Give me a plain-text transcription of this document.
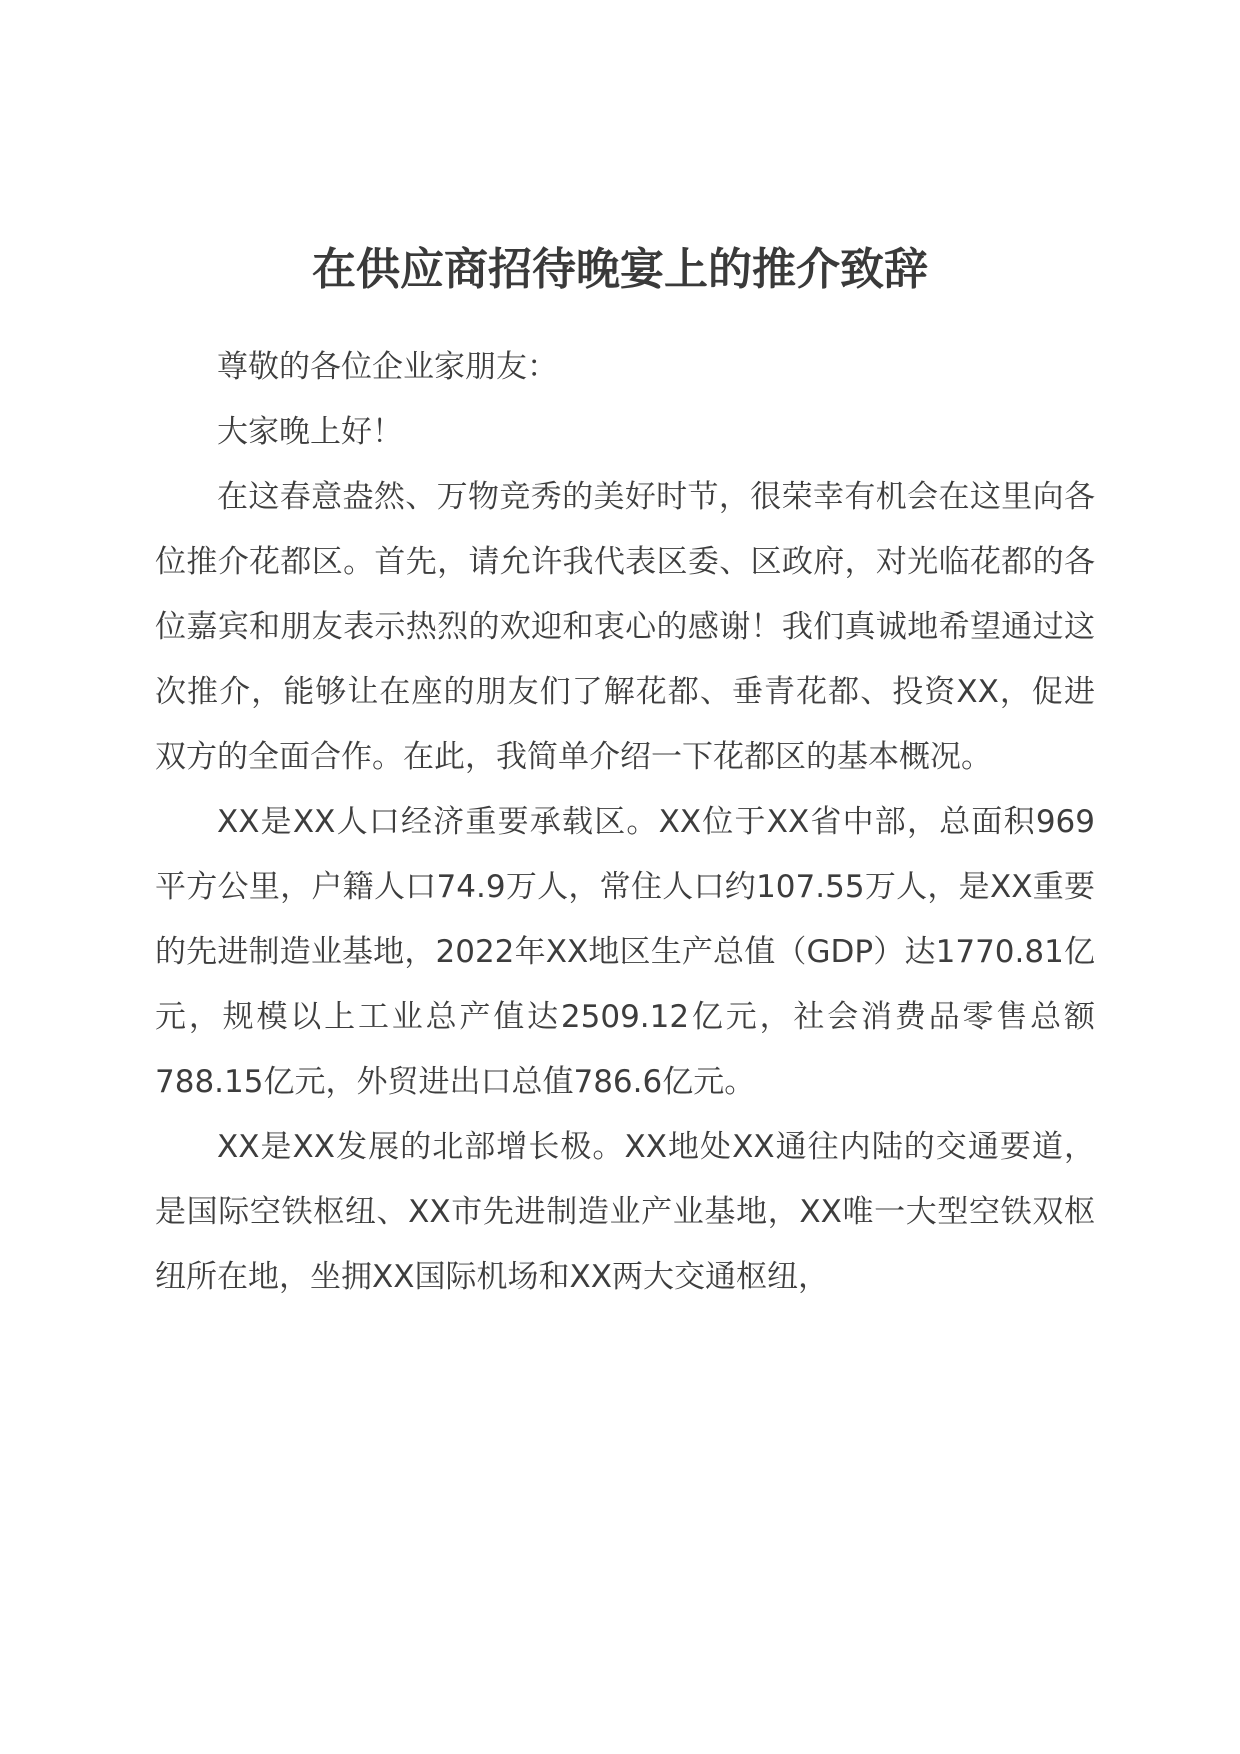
在供应商招待晚宴上的推介致辞

尊敬的各位企业家朋友：

大家晚上好！

在这春意盎然、万物竞秀的美好时节，很荣幸有机会在这里向各位推介花都区。首先，请允许我代表区委、区政府，对光临花都的各位嘉宾和朋友表示热烈的欢迎和衷心的感谢！我们真诚地希望通过这次推介，能够让在座的朋友们了解花都、垂青花都、投资XX，促进双方的全面合作。在此，我简单介绍一下花都区的基本概况。

XX是XX人口经济重要承载区。XX位于XX省中部，总面积969平方公里，户籍人口74.9万人，常住人口约107.55万人，是XX重要的先进制造业基地，2022年XX地区生产总值（GDP）达1770.81亿元，规模以上工业总产值达2509.12亿元，社会消费品零售总额788.15亿元，外贸进出口总值786.6亿元。

XX是XX发展的北部增长极。XX地处XX通往内陆的交通要道，是国际空铁枢纽、XX市先进制造业产业基地，XX唯一大型空铁双枢纽所在地，坐拥XX国际机场和XX两大交通枢纽，
